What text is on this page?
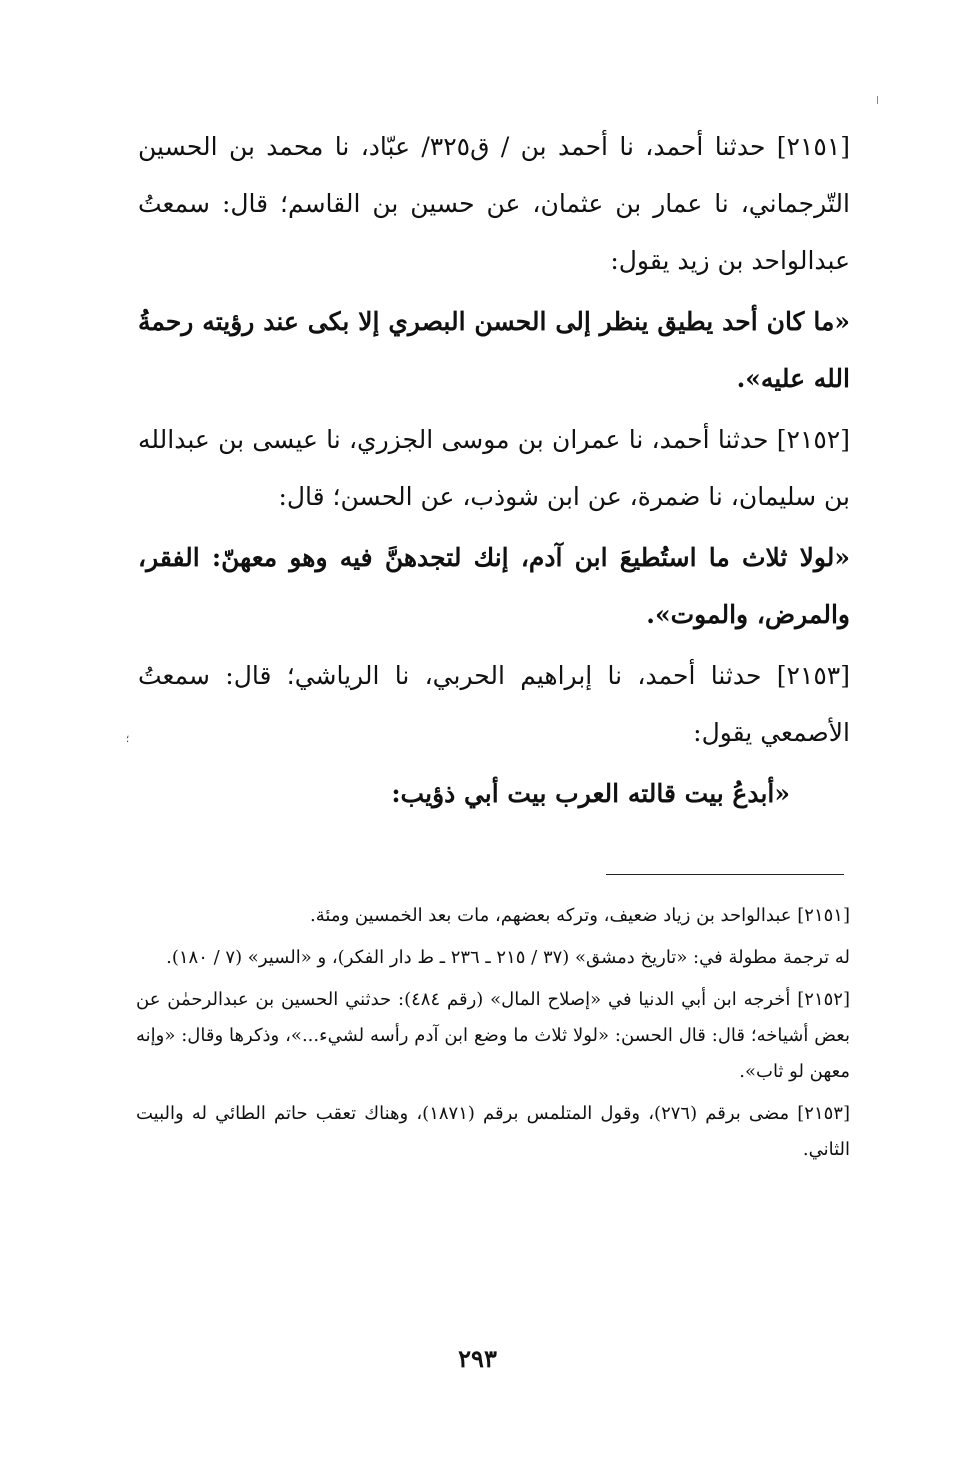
؛

[٢١٥١] حدثنا أحمد، نا أحمد بن / ق٣٢٥/ عبّاد، نا محمد بن الحسين التّرجماني، نا عمار بن عثمان، عن حسين بن القاسم؛ قال: سمعتُ عبدالواحد بن زيد يقول:

«ما كان أحد يطيق ينظر إلى الحسن البصري إلا بكى عند رؤيته رحمةُ الله عليه».

[٢١٥٢] حدثنا أحمد، نا عمران بن موسى الجزري، نا عيسى بن عبدالله بن سليمان، نا ضمرة، عن ابن شوذب، عن الحسن؛ قال:

«لولا ثلاث ما استُطيعَ ابن آدم، إنك لتجدهنَّ فيه وهو معهنّ: الفقر، والمرض، والموت».

[٢١٥٣] حدثنا أحمد، نا إبراهيم الحربي، نا الرياشي؛ قال: سمعتُ الأصمعي يقول:

«أبدعُ بيت قالته العرب بيت أبي ذؤيب:

[٢١٥١] عبدالواحد بن زياد ضعيف، وتركه بعضهم، مات بعد الخمسين ومئة.

له ترجمة مطولة في: «تاريخ دمشق» (٣٧ / ٢١٥ ـ ٢٣٦ ـ ط دار الفكر)، و «السير» (٧ / ١٨٠).

[٢١٥٢] أخرجه ابن أبي الدنيا في «إصلاح المال» (رقم ٤٨٤): حدثني الحسين بن عبدالرحمٰن عن بعض أشياخه؛ قال: قال الحسن: «لولا ثلاث ما وضع ابن آدم رأسه لشيء...»، وذكرها وقال: «وإنه معهن لو ثاب».

[٢١٥٣] مضى برقم (٢٧٦)، وقول المتلمس برقم (١٨٧١)، وهناك تعقب حاتم الطائي له والبيت الثاني.

٢٩٣
